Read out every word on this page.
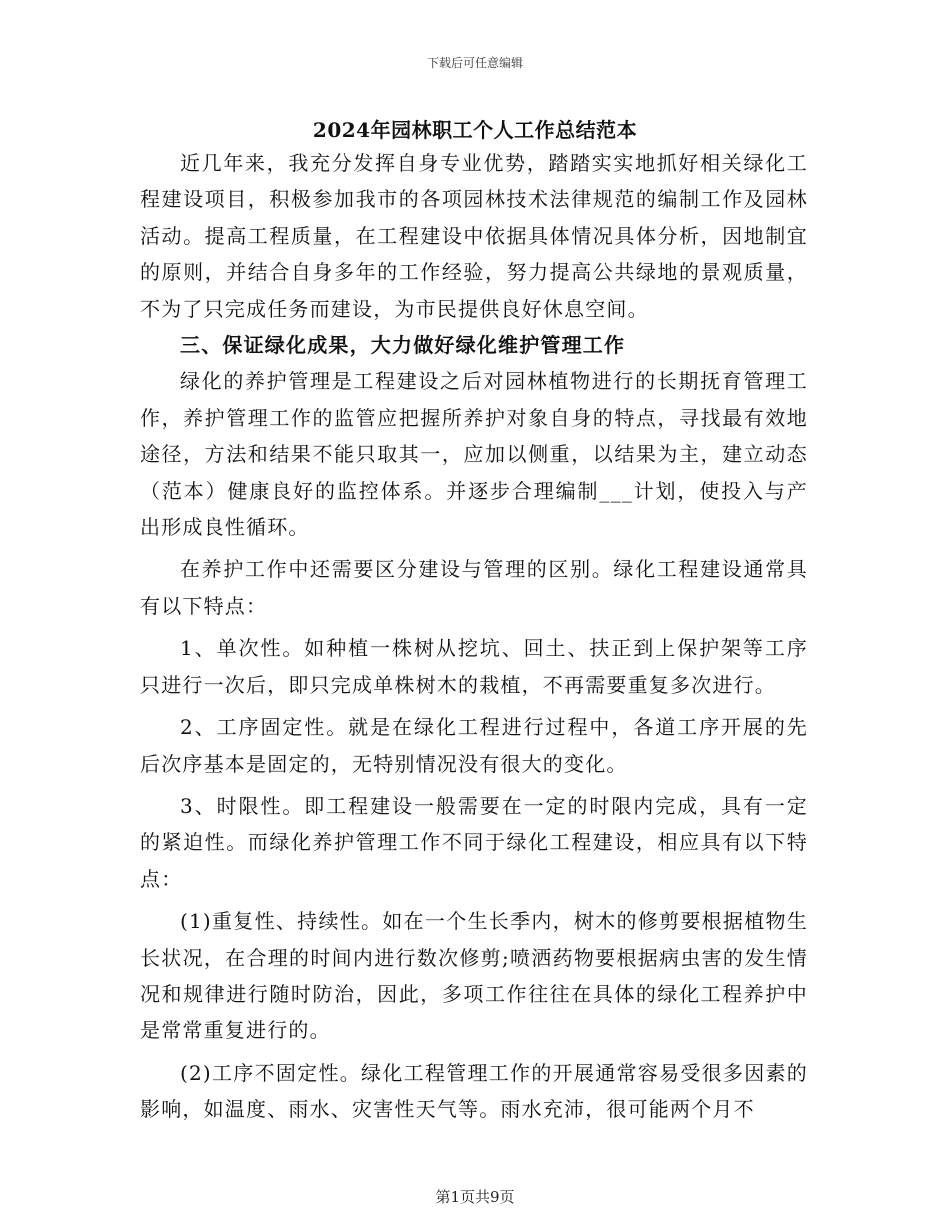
下载后可任意编辑
2024年园林职工个人工作总结范本

近几年来，我充分发挥自身专业优势，踏踏实实地抓好相关绿化工程建设项目，积极参加我市的各项园林技术法律规范的编制工作及园林活动。提高工程质量，在工程建设中依据具体情况具体分析，因地制宜的原则，并结合自身多年的工作经验，努力提高公共绿地的景观质量，不为了只完成任务而建设，为市民提供良好休息空间。

三、保证绿化成果，大力做好绿化维护管理工作

绿化的养护管理是工程建设之后对园林植物进行的长期抚育管理工作，养护管理工作的监管应把握所养护对象自身的特点，寻找最有效地途径，方法和结果不能只取其一，应加以侧重，以结果为主，建立动态（范本）健康良好的监控体系。并逐步合理编制___计划，使投入与产出形成良性循环。

在养护工作中还需要区分建设与管理的区别。绿化工程建设通常具有以下特点：

1、单次性。如种植一株树从挖坑、回土、扶正到上保护架等工序只进行一次后，即只完成单株树木的栽植，不再需要重复多次进行。

2、工序固定性。就是在绿化工程进行过程中，各道工序开展的先后次序基本是固定的，无特别情况没有很大的变化。

3、时限性。即工程建设一般需要在一定的时限内完成，具有一定的紧迫性。而绿化养护管理工作不同于绿化工程建设，相应具有以下特点：

(1)重复性、持续性。如在一个生长季内，树木的修剪要根据植物生长状况，在合理的时间内进行数次修剪;喷洒药物要根据病虫害的发生情况和规律进行随时防治，因此，多项工作往往在具体的绿化工程养护中是常常重复进行的。

(2)工序不固定性。绿化工程管理工作的开展通常容易受很多因素的影响，如温度、雨水、灾害性天气等。雨水充沛，很可能两个月不

第1页共9页
